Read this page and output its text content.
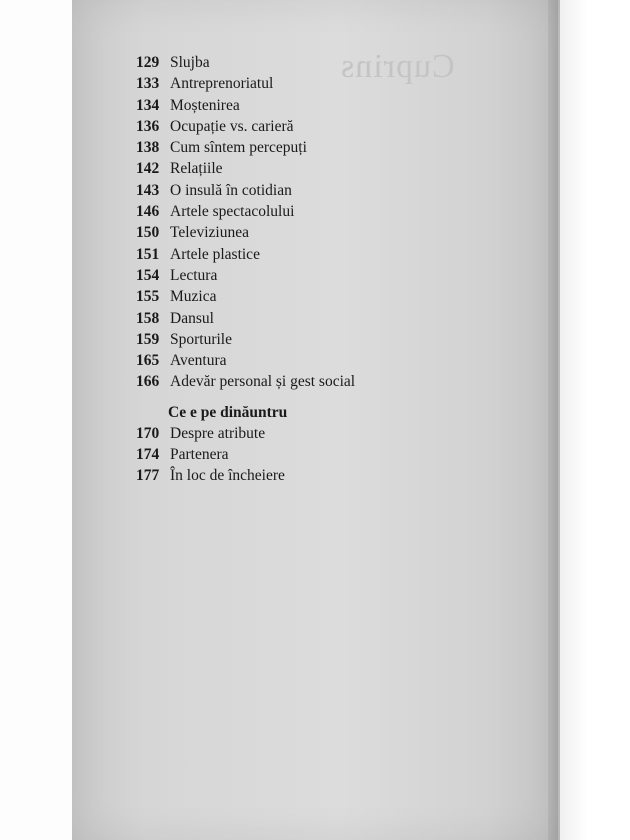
Cuprins
129 Slujba
133 Antreprenoriatul
134 Moștenirea
136 Ocupație vs. carieră
138 Cum sîntem percepuți
142 Relațiile
143 O insulă în cotidian
146 Artele spectacolului
150 Televiziunea
151 Artele plastice
154 Lectura
155 Muzica
158 Dansul
159 Sporturile
165 Aventura
166 Adevăr personal și gest social
Ce e pe dinăuntru
170 Despre atribute
174 Partenera
177 În loc de încheiere
